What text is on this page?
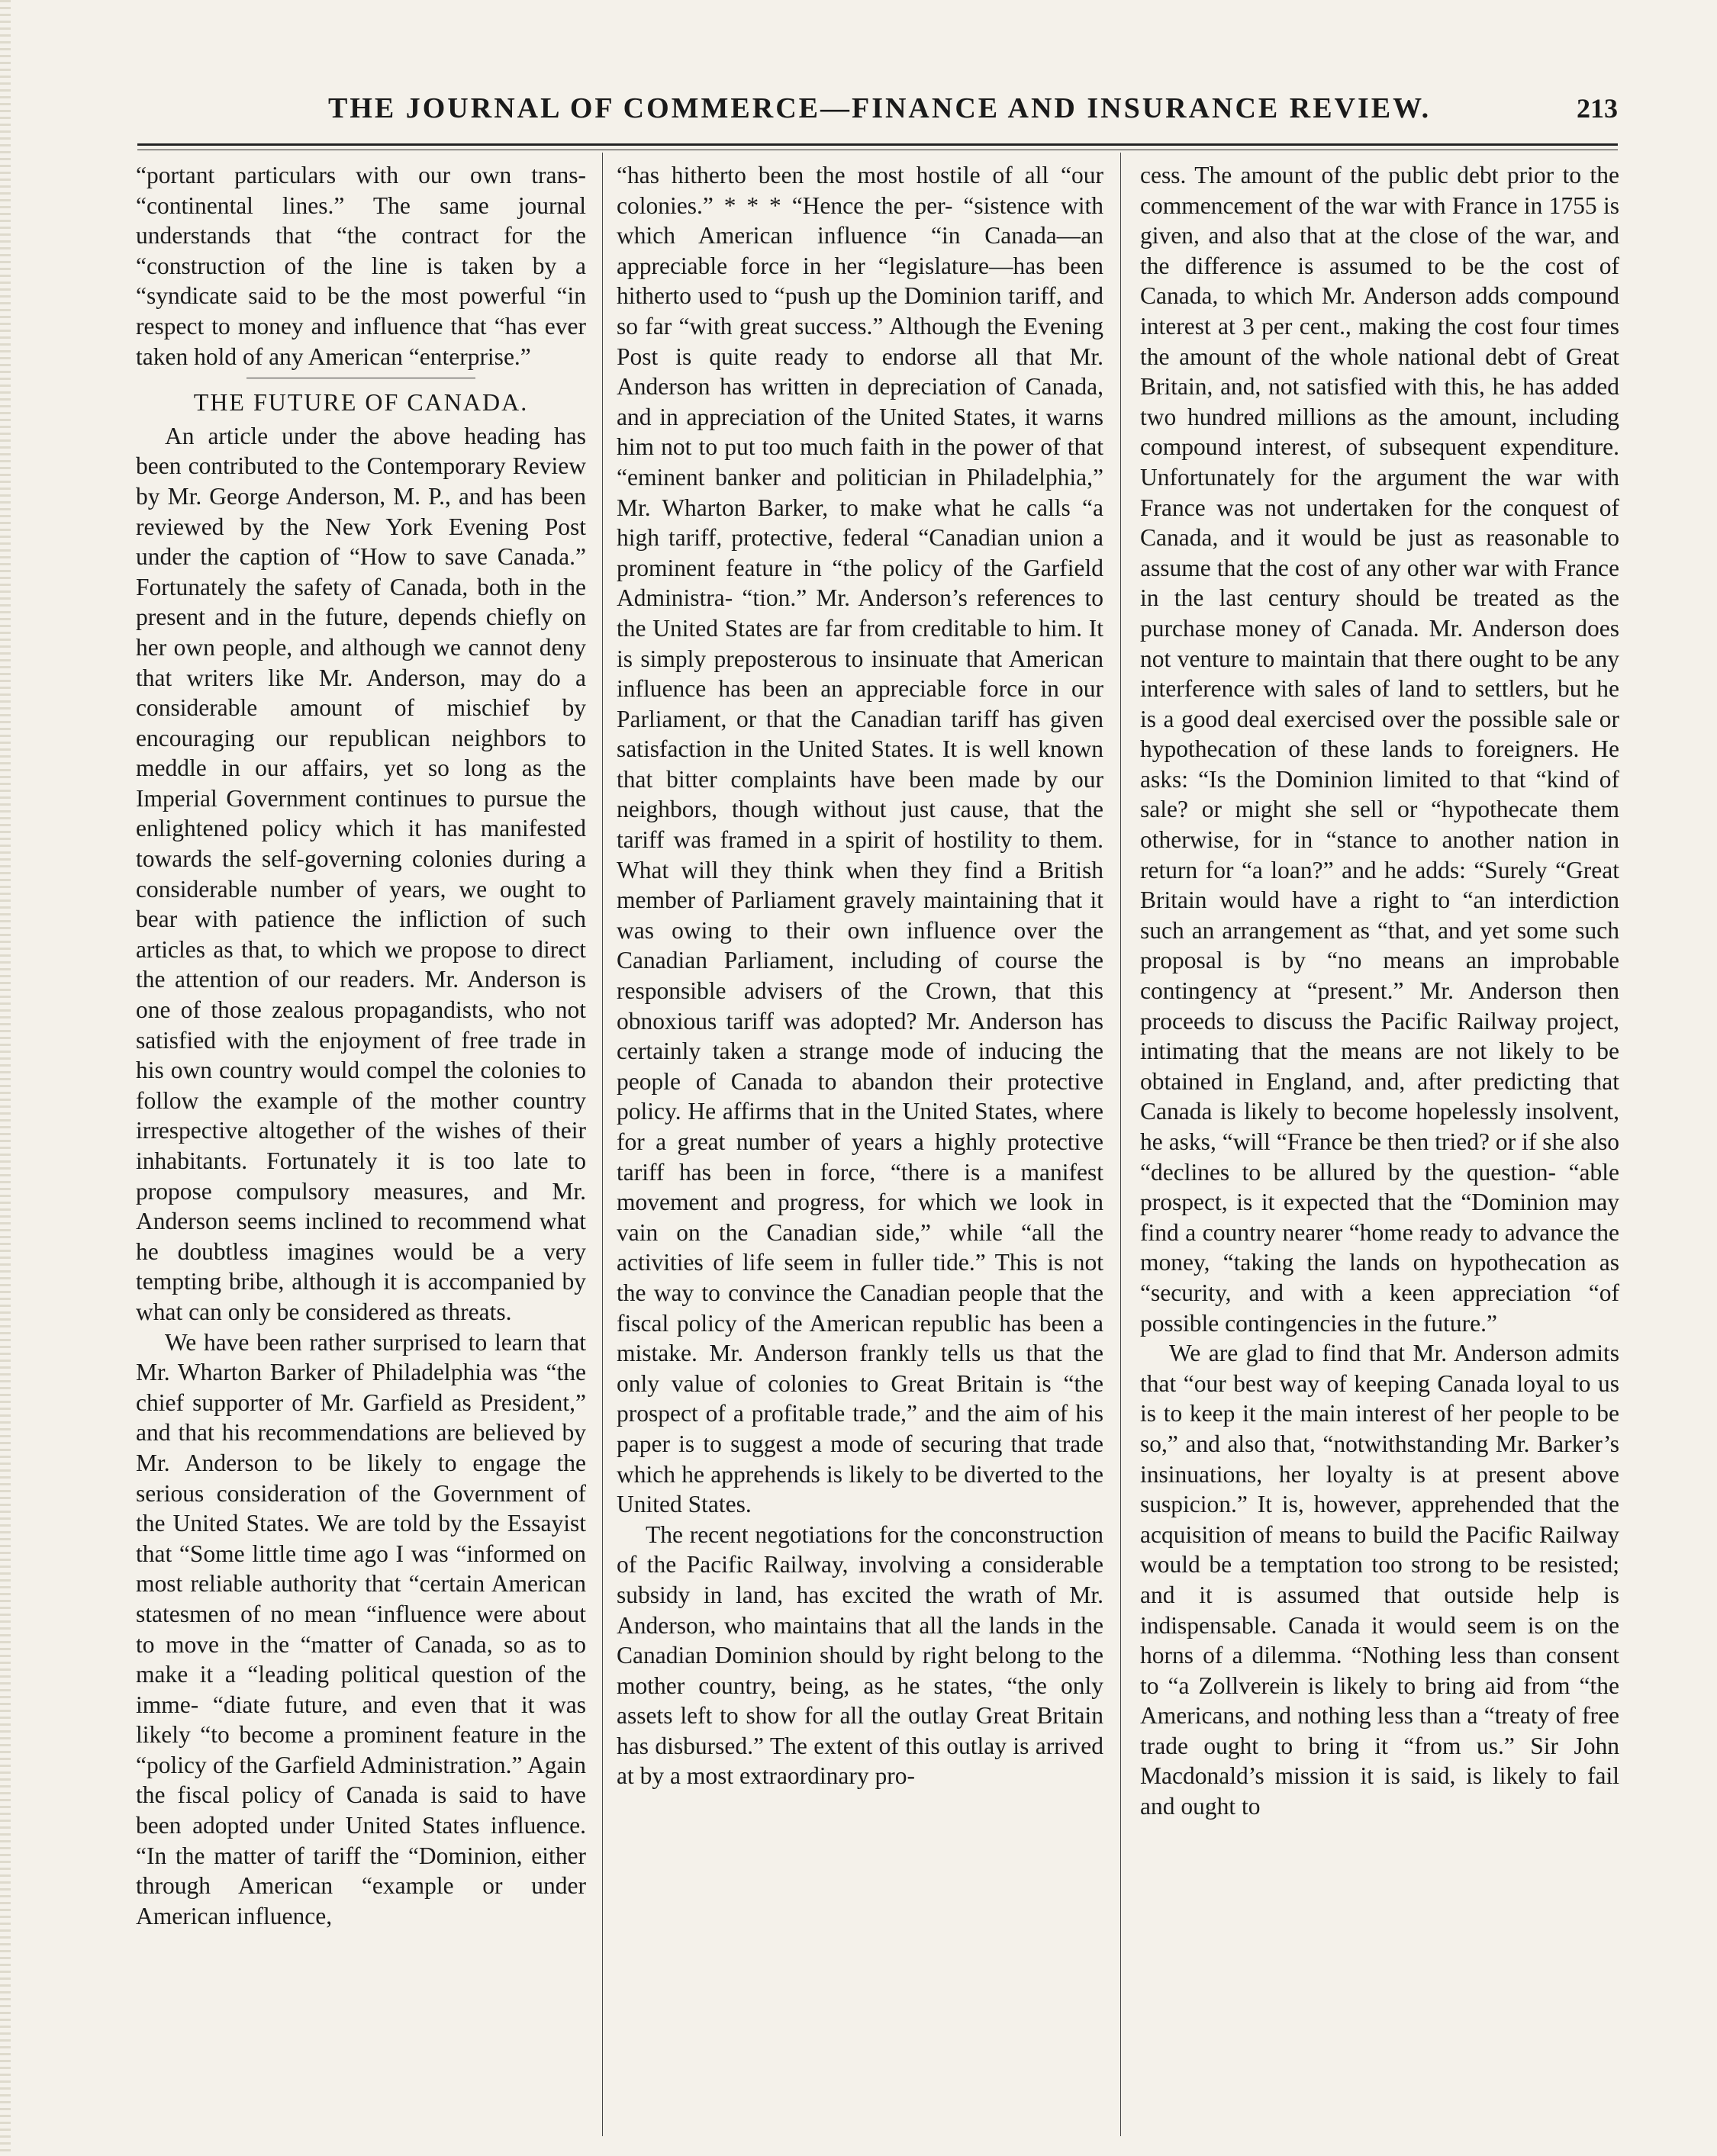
THE JOURNAL OF COMMERCE—FINANCE AND INSURANCE REVIEW.	213

“portant particulars with our own trans- “continental lines.” The same journal understands that “the contract for the “construction of the line is taken by a “syndicate said to be the most powerful “in respect to money and influence that “has ever taken hold of any American “enterprise.”

THE FUTURE OF CANADA.

An article under the above heading has been contributed to the Contemporary Review by Mr. George Anderson, M. P., and has been reviewed by the New York Evening Post under the caption of “How to save Canada.” Fortunately the safety of Canada, both in the present and in the future, depends chiefly on her own people, and although we cannot deny that writers like Mr. Anderson, may do a considerable amount of mischief by encouraging our republican neighbors to meddle in our affairs, yet so long as the Imperial Government continues to pursue the enlightened policy which it has manifested towards the self-governing colonies during a considerable number of years, we ought to bear with patience the infliction of such articles as that, to which we propose to direct the attention of our readers. Mr. Anderson is one of those zealous propagandists, who not satisfied with the enjoyment of free trade in his own country would compel the colonies to follow the example of the mother country irrespective altogether of the wishes of their inhabitants. Fortunately it is too late to propose compulsory measures, and Mr. Anderson seems inclined to recommend what he doubtless imagines would be a very tempting bribe, although it is accompanied by what can only be considered as threats.

We have been rather surprised to learn that Mr. Wharton Barker of Philadelphia was “the chief supporter of Mr. Garfield as President,” and that his recommendations are believed by Mr. Anderson to be likely to engage the serious consideration of the Government of the United States. We are told by the Essayist that “Some little time ago I was “informed on most reliable authority that “certain American statesmen of no mean “influence were about to move in the “matter of Canada, so as to make it a “leading political question of the imme- “diate future, and even that it was likely “to become a prominent feature in the “policy of the Garfield Administration.” Again the fiscal policy of Canada is said to have been adopted under United States influence. “In the matter of tariff the “Dominion, either through American “example or under American influence,

“has hitherto been the most hostile of all “our colonies.” * * * “Hence the per- “sistence with which American influence “in Canada—an appreciable force in her “legislature—has been hitherto used to “push up the Dominion tariff, and so far “with great success.” Although the Evening Post is quite ready to endorse all that Mr. Anderson has written in depreciation of Canada, and in appreciation of the United States, it warns him not to put too much faith in the power of that “eminent banker and politician in Philadelphia,” Mr. Wharton Barker, to make what he calls “a high tariff, protective, federal “Canadian union a prominent feature in “the policy of the Garfield Administra- “tion.” Mr. Anderson’s references to the United States are far from creditable to him. It is simply preposterous to insinuate that American influence has been an appreciable force in our Parliament, or that the Canadian tariff has given satisfaction in the United States. It is well known that bitter complaints have been made by our neighbors, though without just cause, that the tariff was framed in a spirit of hostility to them. What will they think when they find a British member of Parliament gravely maintaining that it was owing to their own influence over the Canadian Parliament, including of course the responsible advisers of the Crown, that this obnoxious tariff was adopted? Mr. Anderson has certainly taken a strange mode of inducing the people of Canada to abandon their protective policy. He affirms that in the United States, where for a great number of years a highly protective tariff has been in force, “there is a manifest movement and progress, for which we look in vain on the Canadian side,” while “all the activities of life seem in fuller tide.” This is not the way to convince the Canadian people that the fiscal policy of the American republic has been a mistake. Mr. Anderson frankly tells us that the only value of colonies to Great Britain is “the prospect of a profitable trade,” and the aim of his paper is to suggest a mode of securing that trade which he apprehends is likely to be diverted to the United States.

The recent negotiations for the conconstruction of the Pacific Railway, involving a considerable subsidy in land, has excited the wrath of Mr. Anderson, who maintains that all the lands in the Canadian Dominion should by right belong to the mother country, being, as he states, “the only assets left to show for all the outlay Great Britain has disbursed.” The extent of this outlay is arrived at by a most extraordinary pro-

cess. The amount of the public debt prior to the commencement of the war with France in 1755 is given, and also that at the close of the war, and the difference is assumed to be the cost of Canada, to which Mr. Anderson adds compound interest at 3 per cent., making the cost four times the amount of the whole national debt of Great Britain, and, not satisfied with this, he has added two hundred millions as the amount, including compound interest, of subsequent expenditure. Unfortunately for the argument the war with France was not undertaken for the conquest of Canada, and it would be just as reasonable to assume that the cost of any other war with France in the last century should be treated as the purchase money of Canada. Mr. Anderson does not venture to maintain that there ought to be any interference with sales of land to settlers, but he is a good deal exercised over the possible sale or hypothecation of these lands to foreigners. He asks: “Is the Dominion limited to that “kind of sale? or might she sell or “hypothecate them otherwise, for in “stance to another nation in return for “a loan?” and he adds: “Surely “Great Britain would have a right to “an interdiction such an arrangement as “that, and yet some such proposal is by “no means an improbable contingency at “present.” Mr. Anderson then proceeds to discuss the Pacific Railway project, intimating that the means are not likely to be obtained in England, and, after predicting that Canada is likely to become hopelessly insolvent, he asks, “will “France be then tried? or if she also “declines to be allured by the question- “able prospect, is it expected that the “Dominion may find a country nearer “home ready to advance the money, “taking the lands on hypothecation as “security, and with a keen appreciation “of possible contingencies in the future.”

We are glad to find that Mr. Anderson admits that “our best way of keeping Canada loyal to us is to keep it the main interest of her people to be so,” and also that, “notwithstanding Mr. Barker’s insinuations, her loyalty is at present above suspicion.” It is, however, apprehended that the acquisition of means to build the Pacific Railway would be a temptation too strong to be resisted; and it is assumed that outside help is indispensable. Canada it would seem is on the horns of a dilemma. “Nothing less than consent to “a Zollverein is likely to bring aid from “the Americans, and nothing less than a “treaty of free trade ought to bring it “from us.” Sir John Macdonald’s mission it is said, is likely to fail and ought to
